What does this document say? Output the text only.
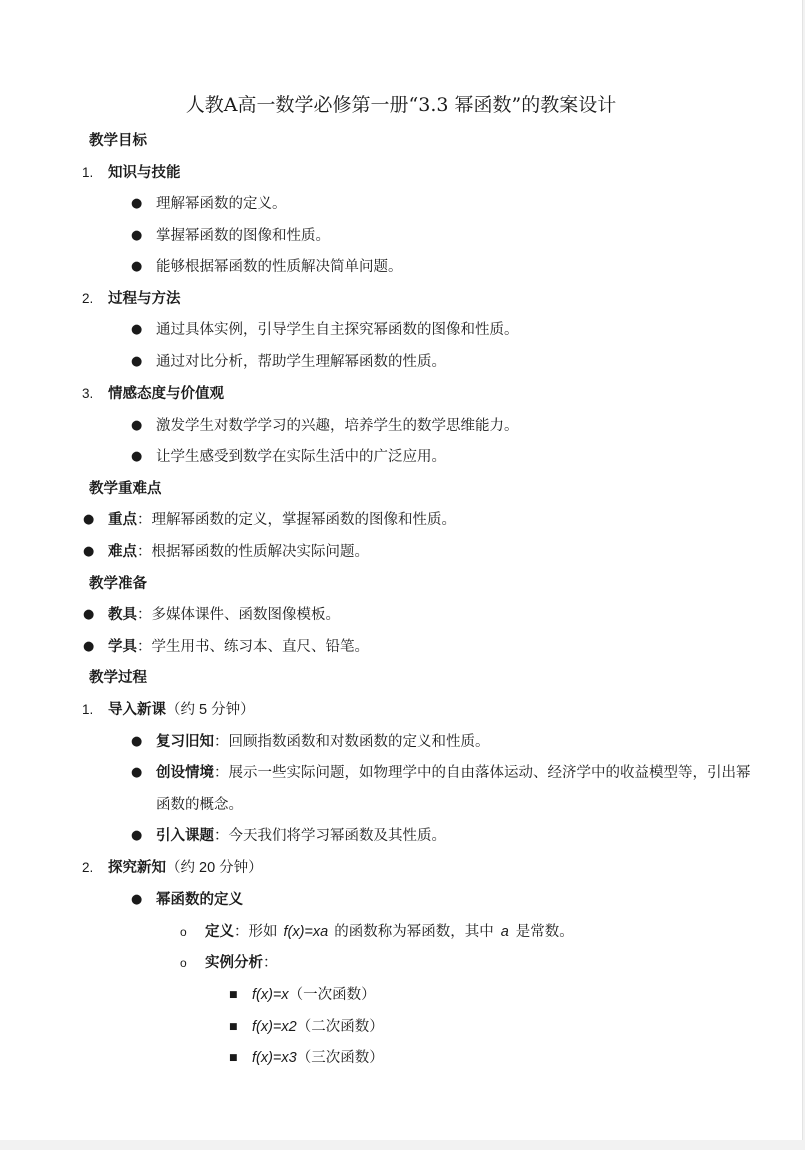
人教A高一数学必修第一册“3.3 幂函数”的教案设计
教学目标
1. 知识与技能
● 理解幂函数的定义。
● 掌握幂函数的图像和性质。
● 能够根据幂函数的性质解决简单问题。
2. 过程与方法
● 通过具体实例，引导学生自主探究幂函数的图像和性质。
● 通过对比分析，帮助学生理解幂函数的性质。
3. 情感态度与价值观
● 激发学生对数学学习的兴趣，培养学生的数学思维能力。
● 让学生感受到数学在实际生活中的广泛应用。
教学重难点
● 重点：理解幂函数的定义，掌握幂函数的图像和性质。
● 难点：根据幂函数的性质解决实际问题。
教学准备
● 教具：多媒体课件、函数图像模板。
● 学具：学生用书、练习本、直尺、铅笔。
教学过程
1. 导入新课（约 5 分钟）
● 复习旧知：回顾指数函数和对数函数的定义和性质。
● 创设情境：展示一些实际问题，如物理学中的自由落体运动、经济学中的收益模型等，引出幂
函数的概念。
● 引入课题：今天我们将学习幂函数及其性质。
2. 探究新知（约 20 分钟）
● 幂函数的定义
o 定义：形如 f(x)=xa 的函数称为幂函数，其中 a 是常数。
o 实例分析：
■ f(x)=x（一次函数）
■ f(x)=x2（二次函数）
■ f(x)=x3（三次函数）
